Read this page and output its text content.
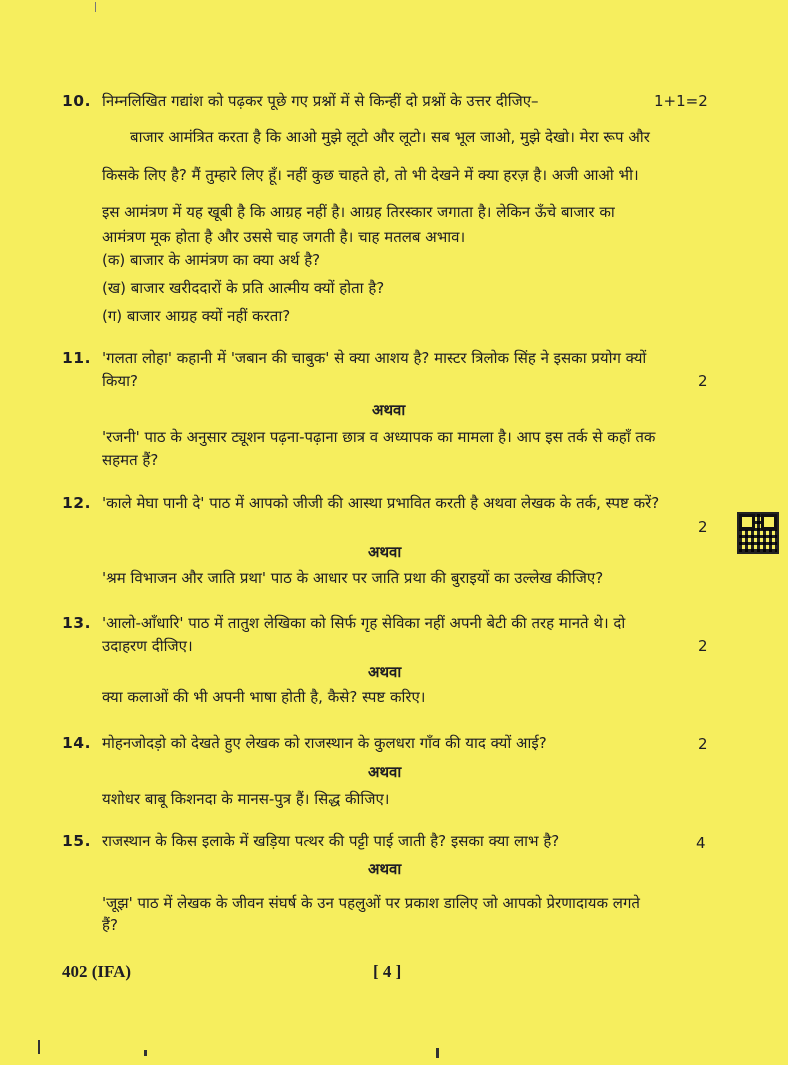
10. निम्नलिखित गद्यांश को पढ़कर पूछे गए प्रश्नों में से किन्हीं दो प्रश्नों के उत्तर दीजिए–	1+1=2
बाजार आमंत्रित करता है कि आओ मुझे लूटो और लूटो। सब भूल जाओ, मुझे देखो। मेरा रूप और
किसके लिए है? मैं तुम्हारे लिए हूँ। नहीं कुछ चाहते हो, तो भी देखने में क्या हरज़ है। अजी आओ भी।
इस आमंत्रण में यह खूबी है कि आग्रह नहीं है। आग्रह तिरस्कार जगाता है। लेकिन ऊँचे बाजार का
आमंत्रण मूक होता है और उससे चाह जगती है। चाह मतलब अभाव।
(क) बाजार के आमंत्रण का क्या अर्थ है?
(ख) बाजार खरीददारों के प्रति आत्मीय क्यों होता है?
(ग) बाजार आग्रह क्यों नहीं करता?
11. 'गलता लोहा' कहानी में 'जबान की चाबुक' से क्या आशय है? मास्टर त्रिलोक सिंह ने इसका प्रयोग क्यों
किया?	2
अथवा
'रजनी' पाठ के अनुसार ट्यूशन पढ़ना-पढ़ाना छात्र व अध्यापक का मामला है। आप इस तर्क से कहाँ तक
सहमत हैं?
12. 'काले मेघा पानी दे' पाठ में आपको जीजी की आस्था प्रभावित करती है अथवा लेखक के तर्क, स्पष्ट करें?
2
अथवा
'श्रम विभाजन और जाति प्रथा' पाठ के आधार पर जाति प्रथा की बुराइयों का उल्लेख कीजिए?
13. 'आलो-आँधारि' पाठ में तातुश लेखिका को सिर्फ गृह सेविका नहीं अपनी बेटी की तरह मानते थे। दो
उदाहरण दीजिए।	2
अथवा
क्या कलाओं की भी अपनी भाषा होती है, कैसे? स्पष्ट करिए।
14. मोहनजोदड़ो को देखते हुए लेखक को राजस्थान के कुलधरा गाँव की याद क्यों आई?	2
अथवा
यशोधर बाबू किशनदा के मानस-पुत्र हैं। सिद्ध कीजिए।
15. राजस्थान के किस इलाके में खड़िया पत्थर की पट्टी पाई जाती है? इसका क्या लाभ है?	4
अथवा
'जूझ' पाठ में लेखक के जीवन संघर्ष के उन पहलुओं पर प्रकाश डालिए जो आपको प्रेरणादायक लगते
हैं?
402 (IFA)	[ 4 ]
